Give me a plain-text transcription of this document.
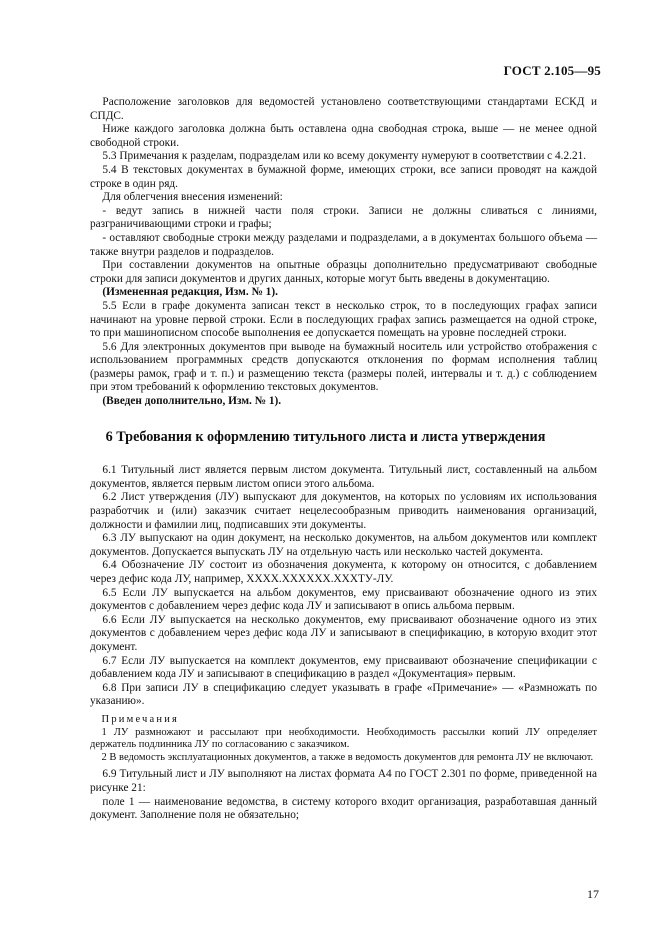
ГОСТ 2.105—95

Расположение заголовков для ведомостей установлено соответствующими стандартами ЕСКД и СПДС.

Ниже каждого заголовка должна быть оставлена одна свободная строка, выше — не менее одной свободной строки.

5.3 Примечания к разделам, подразделам или ко всему документу нумеруют в соответствии с 4.2.21.

5.4 В текстовых документах в бумажной форме, имеющих строки, все записи проводят на каждой строке в один ряд.

Для облегчения внесения изменений:

- ведут запись в нижней части поля строки. Записи не должны сливаться с линиями, разграничивающими строки и графы;

- оставляют свободные строки между разделами и подразделами, а в документах большого объема — также внутри разделов и подразделов.

При составлении документов на опытные образцы дополнительно предусматривают свободные строки для записи документов и других данных, которые могут быть введены в документацию.

(Измененная редакция, Изм. № 1).

5.5 Если в графе документа записан текст в несколько строк, то в последующих графах записи начинают на уровне первой строки. Если в последующих графах запись размещается на одной строке, то при машинописном способе выполнения ее допускается помещать на уровне последней строки.

5.6 Для электронных документов при выводе на бумажный носитель или устройство отображения с использованием программных средств допускаются отклонения по формам исполнения таблиц (размеры рамок, граф и т. п.) и размещению текста (размеры полей, интервалы и т. д.) с соблюдением при этом требований к оформлению текстовых документов.

(Введен дополнительно, Изм. № 1).

6 Требования к оформлению титульного листа и листа утверждения

6.1 Титульный лист является первым листом документа. Титульный лист, составленный на альбом документов, является первым листом описи этого альбома.

6.2 Лист утверждения (ЛУ) выпускают для документов, на которых по условиям их использования разработчик и (или) заказчик считает нецелесообразным приводить наименования организаций, должности и фамилии лиц, подписавших эти документы.

6.3 ЛУ выпускают на один документ, на несколько документов, на альбом документов или комплект документов. Допускается выпускать ЛУ на отдельную часть или несколько частей документа.

6.4 Обозначение ЛУ состоит из обозначения документа, к которому он относится, с добавлением через дефис кода ЛУ, например, ХХХХ.ХХХХХХ.ХХХТУ-ЛУ.

6.5 Если ЛУ выпускается на альбом документов, ему присваивают обозначение одного из этих документов с добавлением через дефис кода ЛУ и записывают в опись альбома первым.

6.6 Если ЛУ выпускается на несколько документов, ему присваивают обозначение одного из этих документов с добавлением через дефис кода ЛУ и записывают в спецификацию, в которую входит этот документ.

6.7 Если ЛУ выпускается на комплект документов, ему присваивают обозначение спецификации с добавлением кода ЛУ и записывают в спецификацию в раздел «Документация» первым.

6.8 При записи ЛУ в спецификацию следует указывать в графе «Примечание» — «Размножать по указанию».

Примечания

1 ЛУ размножают и рассылают при необходимости. Необходимость рассылки копий ЛУ определяет держатель подлинника ЛУ по согласованию с заказчиком.

2 В ведомость эксплуатационных документов, а также в ведомость документов для ремонта ЛУ не включают.

6.9 Титульный лист и ЛУ выполняют на листах формата А4 по ГОСТ 2.301 по форме, приведенной на рисунке 21:

поле 1 — наименование ведомства, в систему которого входит организация, разработавшая данный документ. Заполнение поля не обязательно;

17
